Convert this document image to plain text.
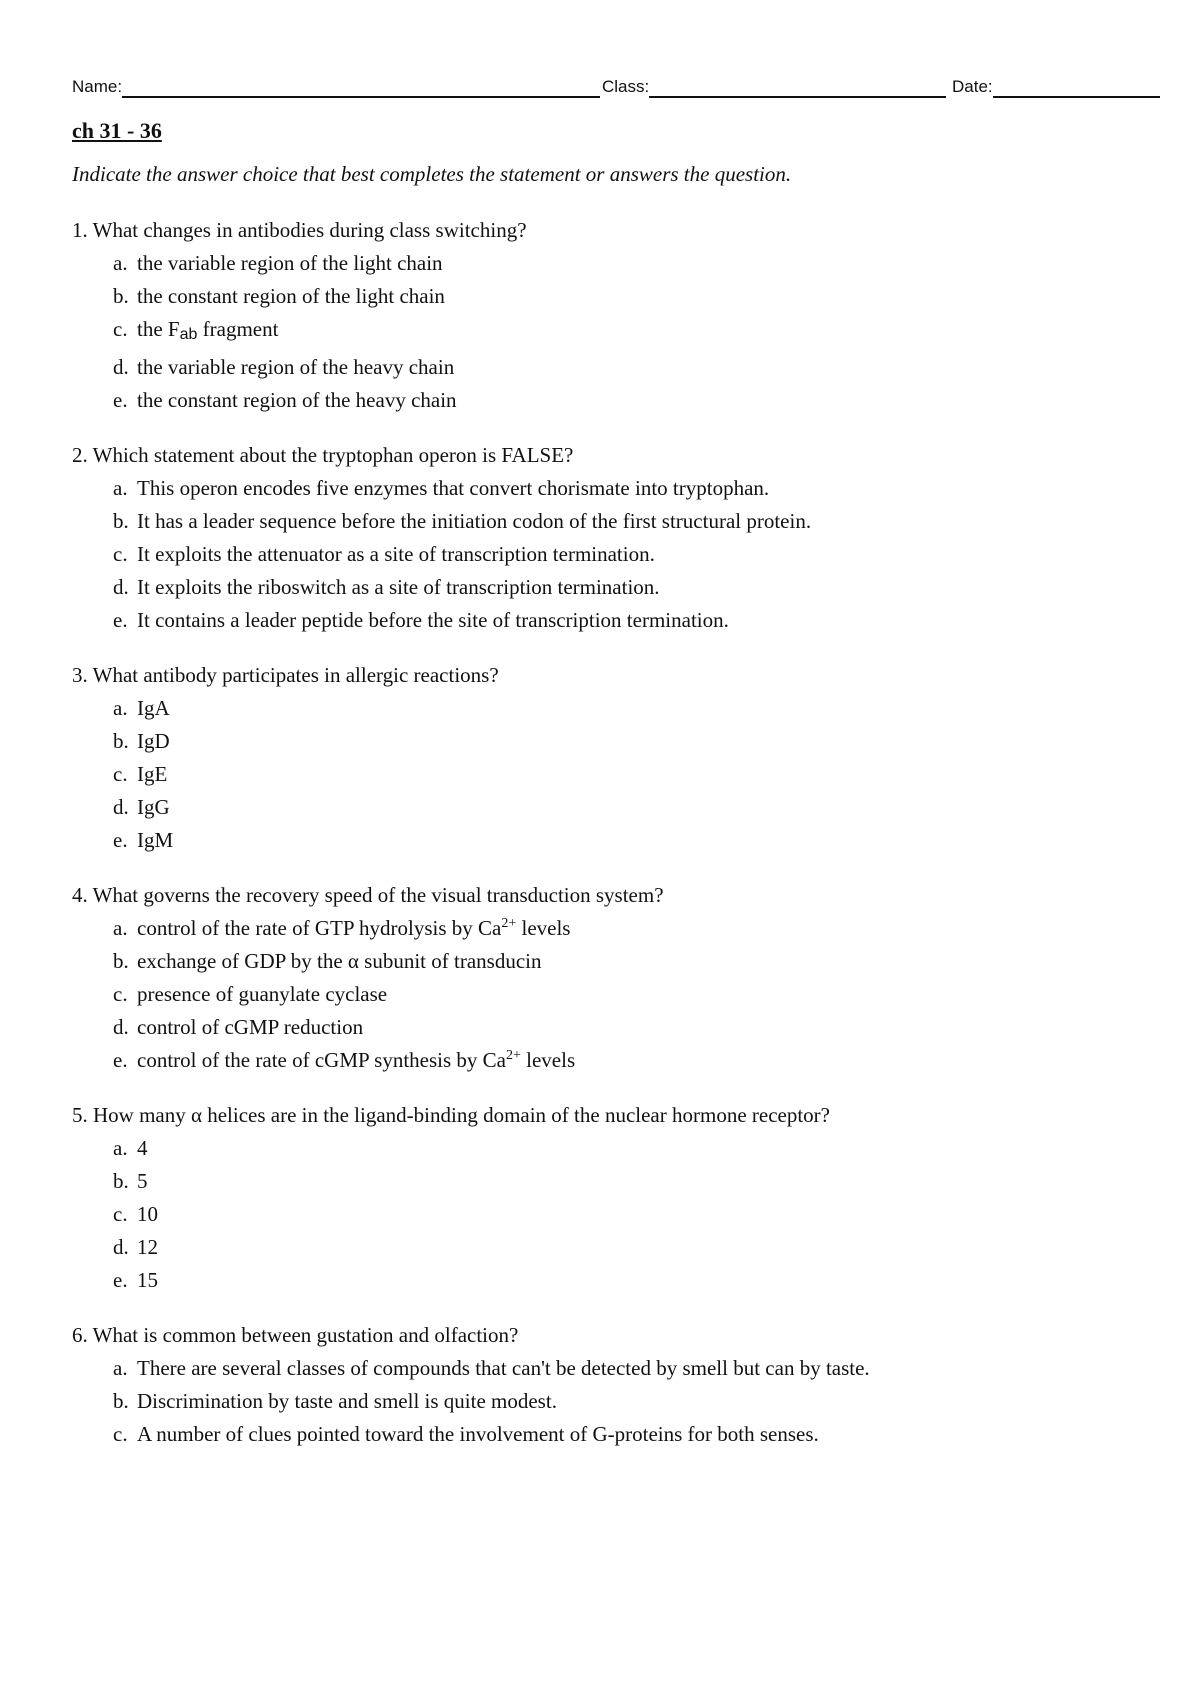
Name:	Class:	Date:
ch 31 - 36
Indicate the answer choice that best completes the statement or answers the question.
1. What changes in antibodies during class switching?
a. the variable region of the light chain
b. the constant region of the light chain
c. the Fab fragment
d. the variable region of the heavy chain
e. the constant region of the heavy chain
2. Which statement about the tryptophan operon is FALSE?
a. This operon encodes five enzymes that convert chorismate into tryptophan.
b. It has a leader sequence before the initiation codon of the first structural protein.
c. It exploits the attenuator as a site of transcription termination.
d. It exploits the riboswitch as a site of transcription termination.
e. It contains a leader peptide before the site of transcription termination.
3. What antibody participates in allergic reactions?
a. IgA
b. IgD
c. IgE
d. IgG
e. IgM
4. What governs the recovery speed of the visual transduction system?
a. control of the rate of GTP hydrolysis by $Ca^{2+}$ levels
b. exchange of GDP by the α subunit of transducin
c. presence of guanylate cyclase
d. control of cGMP reduction
e. control of the rate of cGMP synthesis by $Ca^{2+}$ levels
5. How many α helices are in the ligand-binding domain of the nuclear hormone receptor?
a. 4
b. 5
c. 10
d. 12
e. 15
6. What is common between gustation and olfaction?
a. There are several classes of compounds that can't be detected by smell but can by taste.
b. Discrimination by taste and smell is quite modest.
c. A number of clues pointed toward the involvement of G-proteins for both senses.
